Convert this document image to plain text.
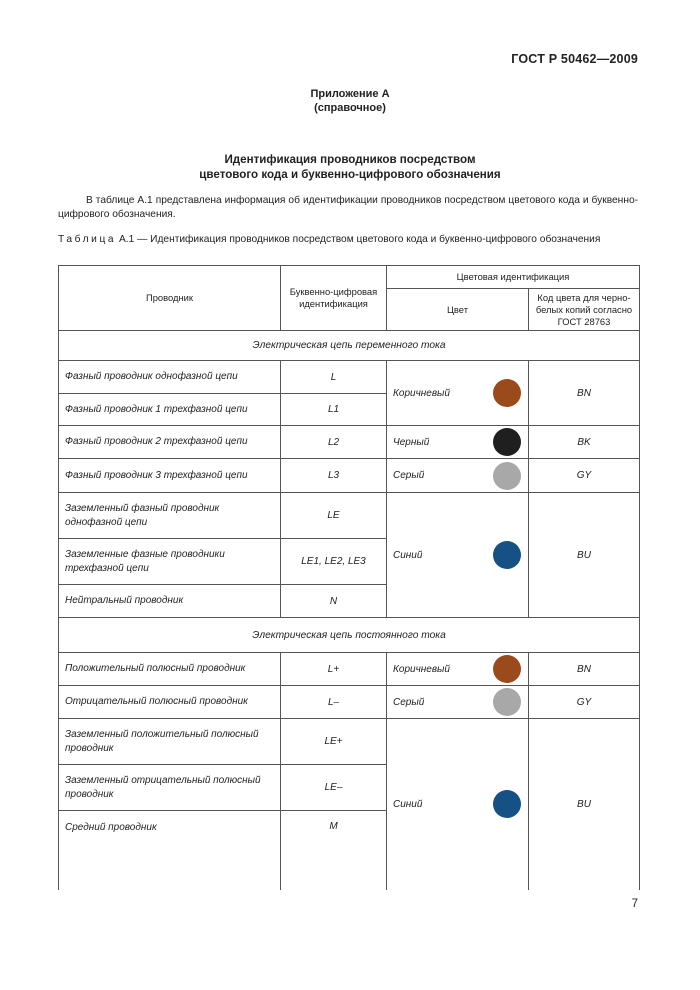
ГОСТ Р 50462—2009
Приложение А
(справочное)
Идентификация проводников посредством
цветового кода и буквенно-цифрового обозначения
В таблице А.1 представлена информация об идентификации проводников посредством цветового кода и буквенно-цифрового обозначения.
Таблица А.1 — Идентификация проводников посредством цветового кода и буквенно-цифрового обозначения
Проводник	Буквенно-цифровая идентификация	Цветовая идентификация	
		Цвет	Код цвета для черно-белых копий согласно ГОСТ 28763
Электрическая цепь переменного тока			
Фазный проводник однофазной цепи	L	Коричневый	BN
Фазный проводник 1 трехфазной цепи	L1		
Фазный проводник 2 трехфазной цепи	L2	Черный	BK
Фазный проводник 3 трехфазной цепи	L3	Серый	GY
Заземленный фазный проводник однофазной цепи	LE	Синий	BU
Заземленные фазные проводники трехфазной цепи	LE1, LE2, LE3		
Нейтральный проводник	N		
Электрическая цепь постоянного тока			
Положительный полюсный проводник	L+	Коричневый	BN
Отрицательный полюсный проводник	L–	Серый	GY
Заземленный положительный полюсный проводник	LE+	Синий	BU
Заземленный отрицательный полюсный проводник	LE–		
Средний проводник	M		
7
